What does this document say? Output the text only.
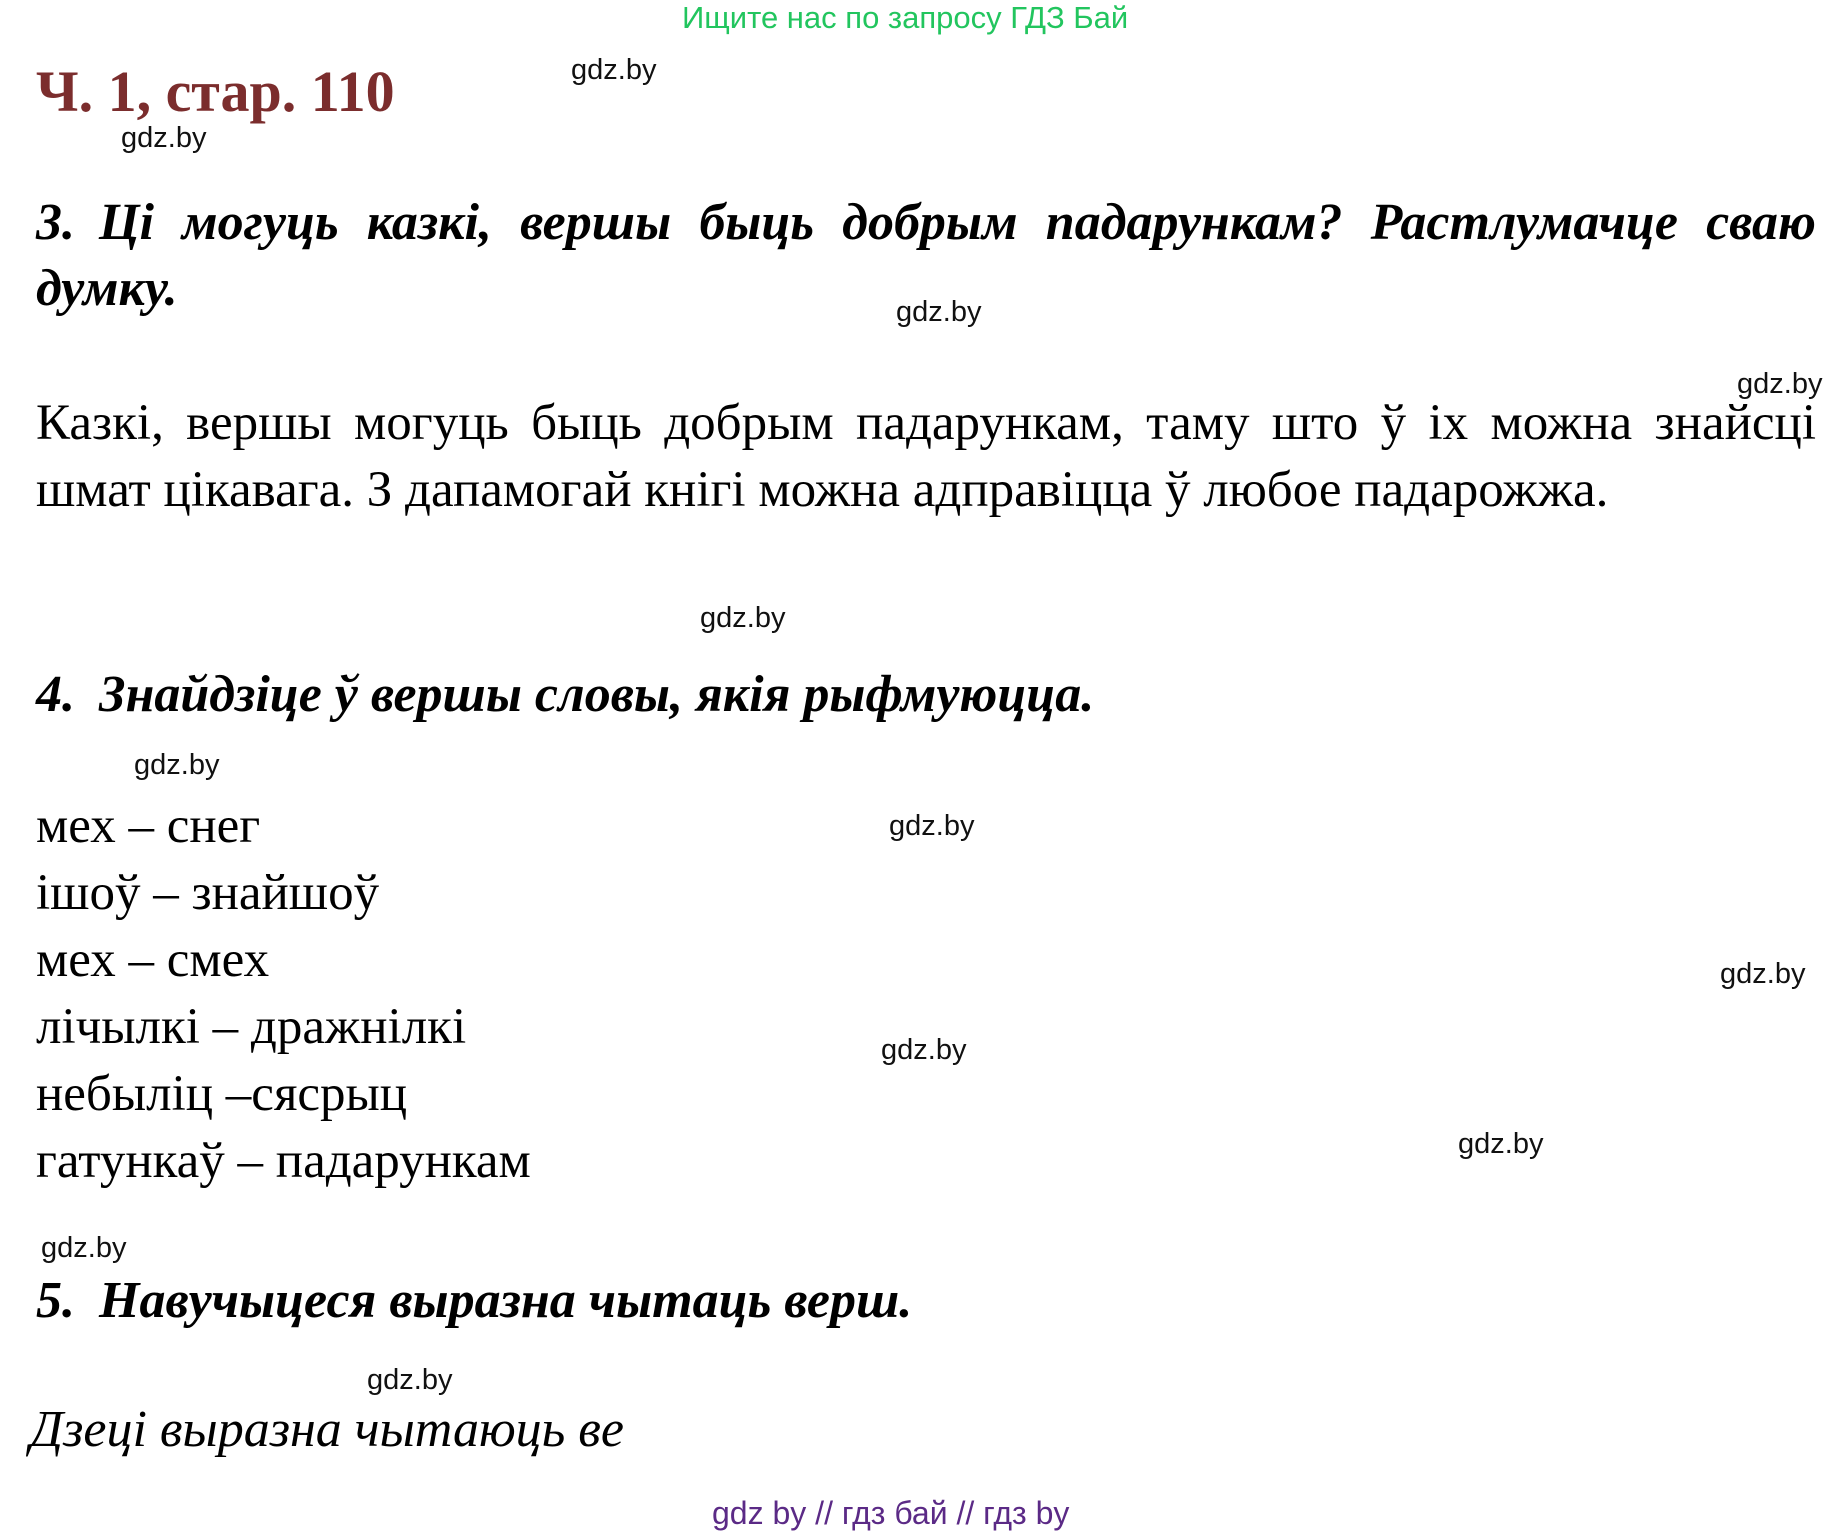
Ищите нас по запросу ГДЗ Бай
Ч. 1, стар. 110	gdz.by
gdz.by
gdz.by
gdz.by
gdz.by
gdz.by
gdz.by
gdz.by
gdz.by
gdz.by
gdz.by
gdz.by
3. Ці могуць казкі, вершы быць добрым падарункам? Растлумачце сваю думку.
Казкі, вершы могуць быць добрым падарункам, таму што ў іх можна знайсці шмат цікавага. З дапамогай кнігі можна адправіцца ў любое падарожжа.
4. Знайдзіце ў вершы словы, якія рыфмуюцца.
мех – снег
ішоў – знайшоў
мех – смех
лічылкі – дражнілкі
небыліц –сясрыц
гатункаў – падарункам
5. Навучыцеся выразна чытаць верш.
Дзеці выразна чытаюць ве
gdz by // гдз бай // гдз by
